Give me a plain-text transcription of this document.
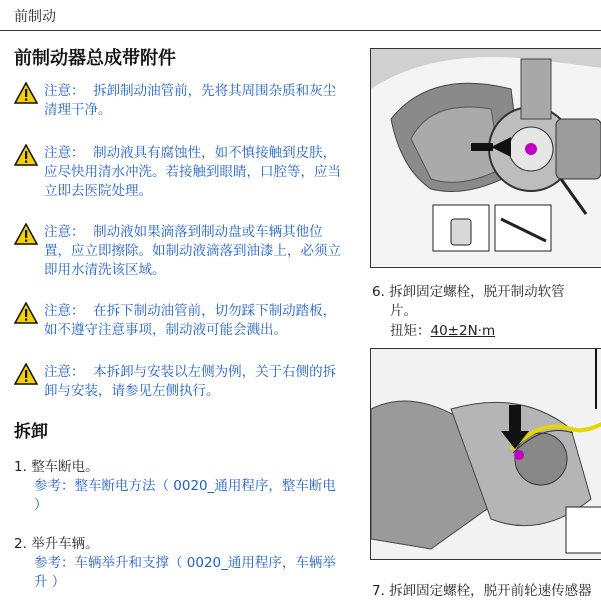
前制动
前制动器总成带附件
注意： 拆卸制动油管前，先将其周围杂质和灰尘清理干净。
注意： 制动液具有腐蚀性，如不慎接触到皮肤，应尽快用清水冲洗。若接触到眼睛，口腔等，应当立即去医院处理。
注意： 制动液如果滴落到制动盘或车辆其他位置，应立即擦除。如制动液滴落到油漆上，必须立即用水清洗该区域。
注意： 在拆下制动油管前，切勿踩下制动踏板，如不遵守注意事项，制动液可能会溅出。
注意： 本拆卸与安装以左侧为例，关于右侧的拆卸与安装，请参见左侧执行。
拆卸
1. 整车断电。
参考：整车断电方法（ 0020_通用程序，整车断电 ）
2. 举升车辆。
参考：车辆举升和支撑（ 0020_通用程序，车辆举升 ）
6. 拆卸固定螺栓，脱开制动软管
片。
扭矩：40±2N·m
7. 拆卸固定螺栓，脱开前轮速传感器
